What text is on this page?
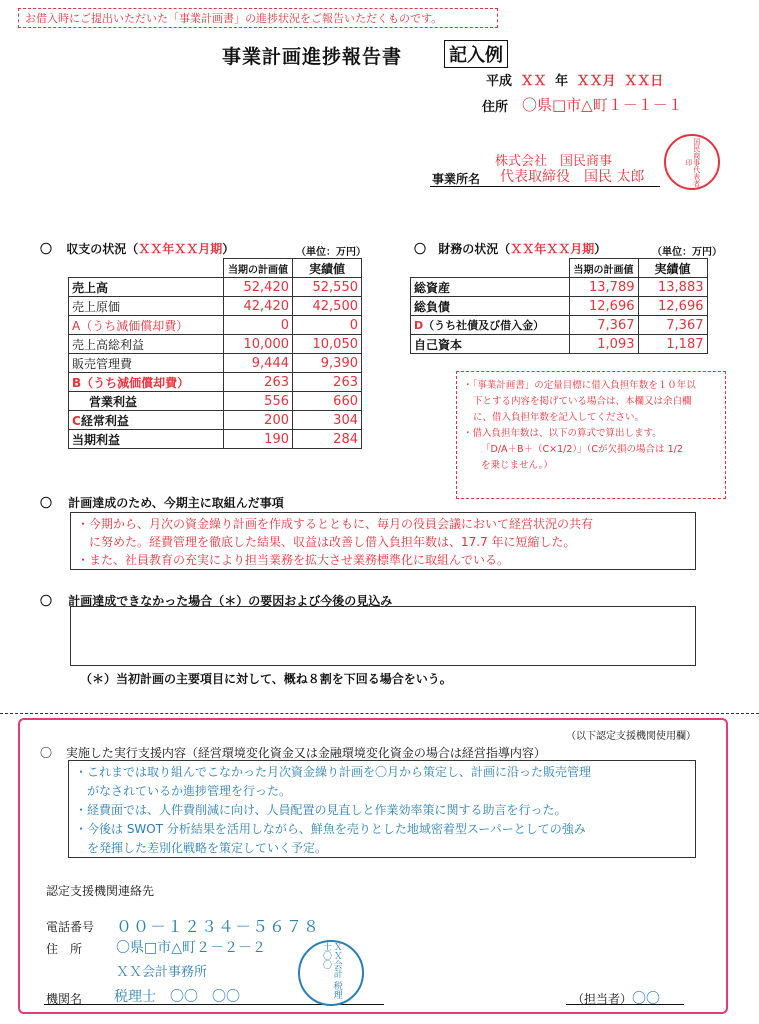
お借入時にご提出いただいた「事業計画書」の進捗状況をご報告いただくものです。
事業計画進捗報告書	記入例
平成 ＸＸ 年 ＸＸ月 ＸＸ日
住所 〇県□市△町１－１－１
株式会社　国民商事
事業所名 代表取締役　国民 太郎	国民商事代表者印
〇 収支の状況（ＸＸ年ＸＸ月期）	（単位：万円）
	当期の計画値	実績値
売上高	52,420	52,550
売上原価	42,420	42,500
A（うち減価償却費）	0	0
売上高総利益	10,000	10,050
販売管理費	9,444	9,390
B（うち減価償却費）	263	263
営業利益	556	660
C経常利益	200	304
当期利益	190	284
〇 財務の状況（ＸＸ年ＸＸ月期）	（単位：万円）
	当期の計画値	実績値
総資産	13,789	13,883
総負債	12,696	12,696
D（うち社債及び借入金）	7,367	7,367
自己資本	1,093	1,187
・「事業計画書」の定量目標に借入負担年数を１０年以
下とする内容を掲げている場合は、本欄又は余白欄
に、借入負担年数を記入してください。
・借入負担年数は、以下の算式で算出します。
「D/A＋B＋（C×1/2）」（Cが欠損の場合は 1/2
を乗じません。）
〇 計画達成のため、今期主に取組んだ事項
・今期から、月次の資金繰り計画を作成するとともに、毎月の役員会議において経営状況の共有
に努めた。経費管理を徹底した結果、収益は改善し借入負担年数は、17.7 年に短縮した。
・また、社員教育の充実により担当業務を拡大させ業務標準化に取組んでいる。
〇 計画達成できなかった場合（＊）の要因および今後の見込み
（＊）当初計画の主要項目に対して、概ね８割を下回る場合をいう。
（以下認定支援機関使用欄）
〇 実施した実行支援内容（経営環境変化資金又は金融環境変化資金の場合は経営指導内容）
・これまでは取り組んでこなかった月次資金繰り計画を〇月から策定し、計画に沿った販売管理
がなされているか進捗管理を行った。
・経費面では、人件費削減に向け、人員配置の見直しと作業効率策に関する助言を行った。
・今後は SWOT 分析結果を活用しながら、鮮魚を売りとした地域密着型スーパーとしての強み
を発揮した差別化戦略を策定していく予定。
認定支援機関連絡先
電話番号 ００－１２３４－５６７８
住　所 〇県□市△町２－２－２
ＸＸ会計事務所
機関名 税理士　〇〇　〇〇	ＸＸ会計 税理士〇〇
（担当者）〇〇
